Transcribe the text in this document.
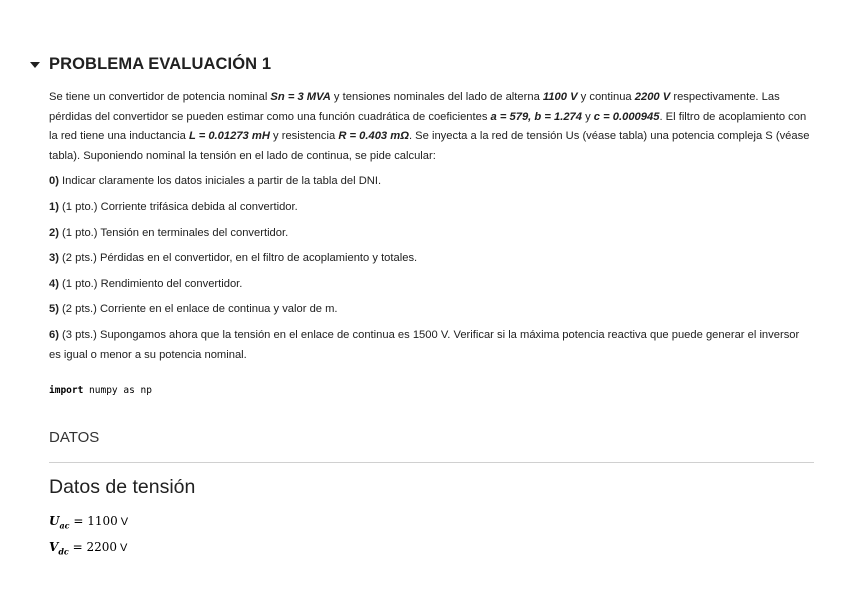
PROBLEMA EVALUACIÓN 1

Se tiene un convertidor de potencia nominal Sn = 3 MVA y tensiones nominales del lado de alterna 1100 V y continua 2200 V respectivamente. Las pérdidas del convertidor se pueden estimar como una función cuadrática de coeficientes a = 579, b = 1.274 y c = 0.000945. El filtro de acoplamiento con la red tiene una inductancia L = 0.01273 mH y resistencia R = 0.403 mΩ. Se inyecta a la red de tensión Us (véase tabla) una potencia compleja S (véase tabla). Suponiendo nominal la tensión en el lado de continua, se pide calcular:

0) Indicar claramente los datos iniciales a partir de la tabla del DNI.

1) (1 pto.) Corriente trifásica debida al convertidor.

2) (1 pto.) Tensión en terminales del convertidor.

3) (2 pts.) Pérdidas en el convertidor, en el filtro de acoplamiento y totales.

4) (1 pto.) Rendimiento del convertidor.

5) (2 pts.) Corriente en el enlace de continua y valor de m.

6) (3 pts.) Supongamos ahora que la tensión en el enlace de continua es 1500 V. Verificar si la máxima potencia reactiva que puede generar el inversor es igual o menor a su potencia nominal.

import numpy as np
DATOS
Datos de tensión
$U_{ac} = 1100$ V
$V_{dc} = 2200$ V
